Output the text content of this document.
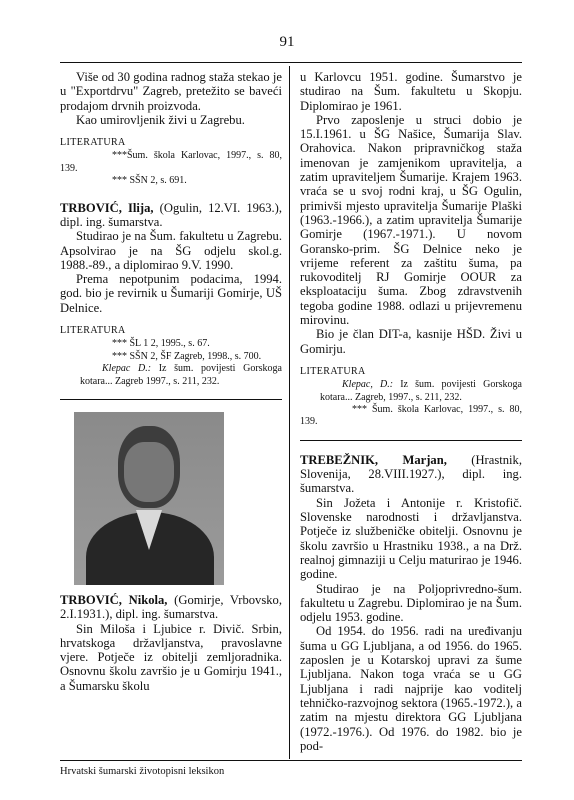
91

Više od 30 godina radnog staža stekao je u "Exportdrvu" Zagreb, pretežito se baveći prodajom drvnih proizvoda.

Kao umirovljenik živi u Zagrebu.

LITERATURA

***Šum. škola Karlovac, 1997., s. 80, 139.

*** SŠN 2, s. 691.

TRBOVIĆ, Ilija, (Ogulin, 12.VI. 1963.), dipl. ing. šumarstva.

Studirao je na Šum. fakultetu u Zagrebu. Apsolvirao je na ŠG odjelu skol.g. 1988.-89., a diplomirao 9.V. 1990.

Prema nepotpunim podacima, 1994. god. bio je revirnik u Šumariji Gomirje, UŠ Delnice.

LITERATURA

*** ŠL 1 2, 1995., s. 67.

*** SŠN 2, ŠF Zagreb, 1998., s. 700.

Klepac D.: Iz šum. povijesti Gorskoga kotara... Zagreb 1997., s. 211, 232.

TRBOVIĆ, Nikola, (Gomirje, Vrbovsko, 2.I.1931.), dipl. ing. šumarstva.

Sin Miloša i Ljubice r. Divič. Srbin, hrvatskoga državljanstva, pravoslavne vjere. Potječe iz obitelji zemljoradnika. Osnovnu školu završio je u Gomirju 1941., a Šumarsku školu

u Karlovcu 1951. godine. Šumarstvo je studirao na Šum. fakultetu u Skopju. Diplomirao je 1961.

Prvo zaposlenje u struci dobio je 15.I.1961. u ŠG Našice, Šumarija Slav. Orahovica. Nakon pripravničkog staža imenovan je zamjenikom upravitelja, a zatim upraviteljem Šumarije. Krajem 1963. vraća se u svoj rodni kraj, u ŠG Ogulin, primivši mjesto upravitelja Šumarije Plaški (1963.-1966.), a zatim upravitelja Šumarije Gomirje (1967.-1971.). U novom Goransko-prim. ŠG Delnice neko je vrijeme referent za zaštitu šuma, pa rukovoditelj RJ Gomirje OOUR za eksploataciju šuma. Zbog zdravstvenih tegoba godine 1988. odlazi u prijevremenu mirovinu.

Bio je član DIT-a, kasnije HŠD. Živi u Gomirju.

LITERATURA

Klepac, D.: Iz šum. povijesti Gorskoga kotara... Zagreb, 1997., s. 211, 232.

*** Šum. škola Karlovac, 1997., s. 80, 139.

TREBEŽNIK, Marjan, (Hrastnik, Slovenija, 28.VIII.1927.), dipl. ing. šumarstva.

Sin Jožeta i Antonije r. Kristofič. Slovenske narodnosti i državljanstva. Potječe iz službeničke obitelji. Osnovnu je školu završio u Hrastniku 1938., a na Drž. realnoj gimnaziji u Celju maturirao je 1946. godine.

Studirao je na Poljoprivredno-šum. fakultetu u Zagrebu. Diplomirao je na Šum. odjelu 1953. godine.

Od 1954. do 1956. radi na uređivanju šuma u GG Ljubljana, a od 1956. do 1965. zaposlen je u Kotarskoj upravi za šume Ljubljana. Nakon toga vraća se u GG Ljubljana i radi najprije kao voditelj tehničko-razvojnog sektora (1965.-1972.), a zatim na mjestu direktora GG Ljubljana (1972.-1976.). Od 1976. do 1982. bio je pod-

Hrvatski šumarski životopisni leksikon
